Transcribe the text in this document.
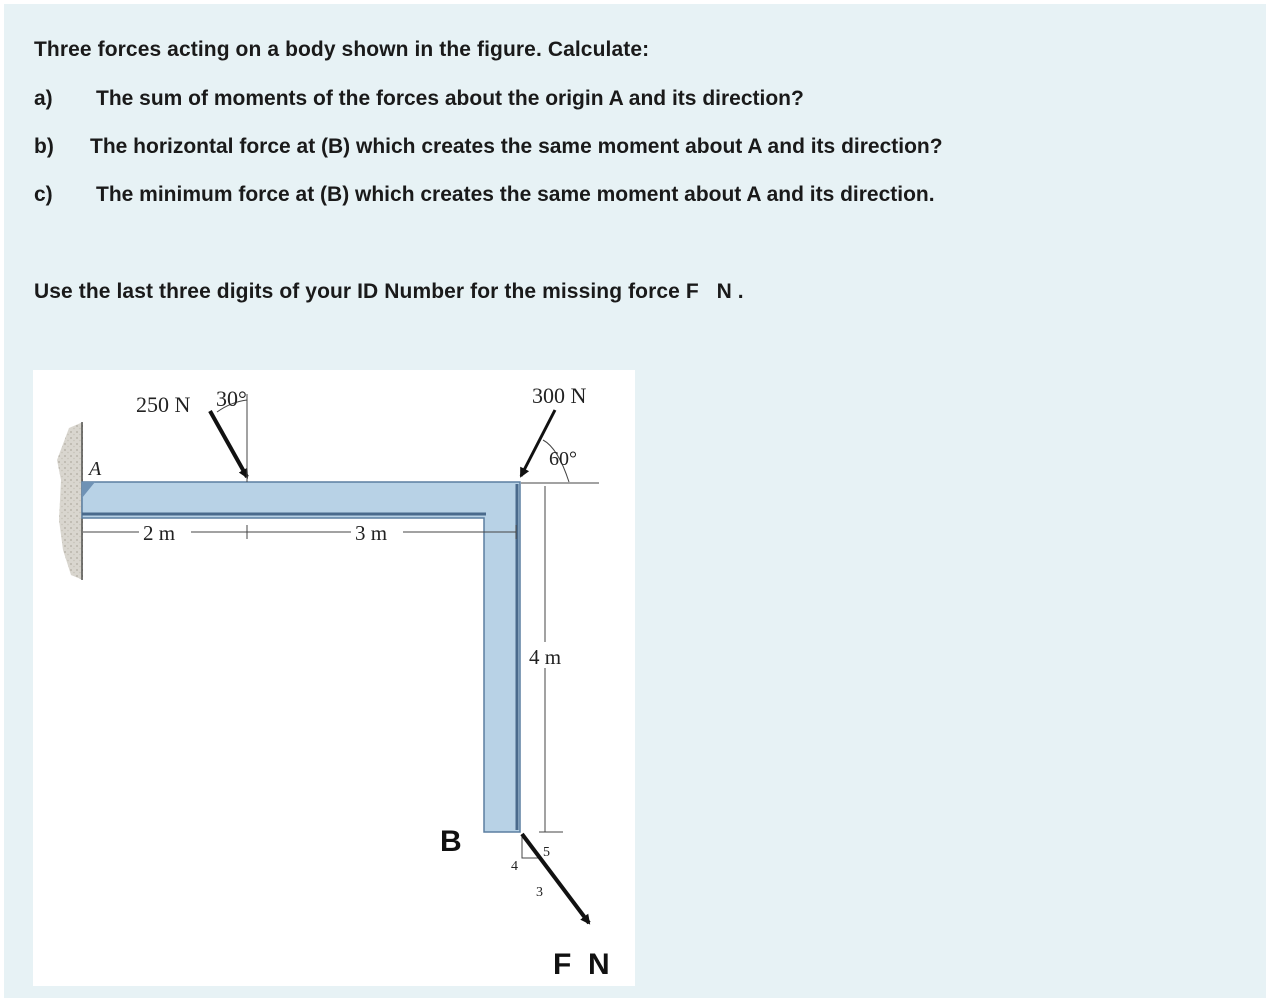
Three forces acting on a body shown in the figure. Calculate:
a) The sum of moments of the forces about the origin A and its direction?
b) The horizontal force at (B) which creates the same moment about A and its direction?
c) The minimum force at (B) which creates the same moment about A and its direction.
Use the last three digits of your ID Number for the missing force F   N .
A
250 N 30°	300 N
60°
2 m	3 m
4 m
4
3
5
B
F  N
